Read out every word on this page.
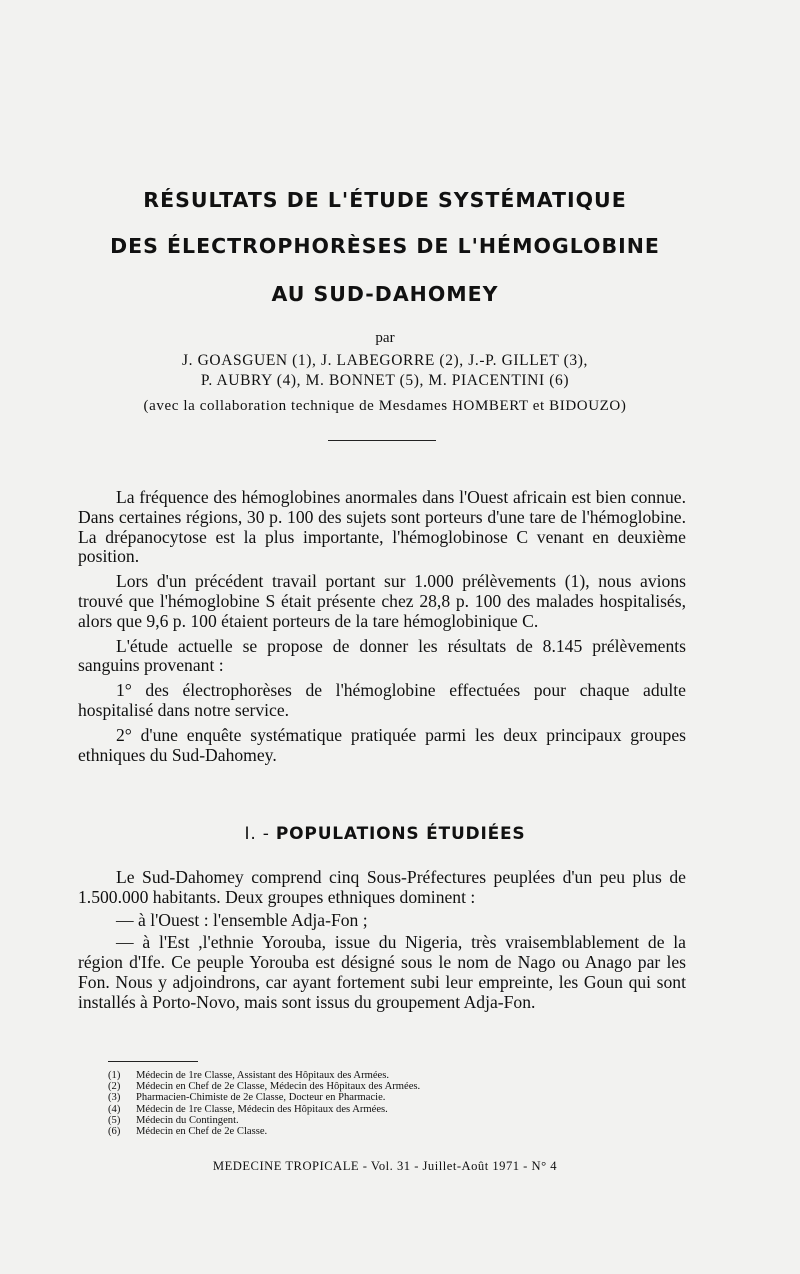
RÉSULTATS DE L'ÉTUDE SYSTÉMATIQUE
DES ÉLECTROPHORÈSES DE L'HÉMOGLOBINE
AU SUD-DAHOMEY
par
J. GOASGUEN (1), J. LABEGORRE (2), J.-P. GILLET (3),
P. AUBRY (4), M. BONNET (5), M. PIACENTINI (6)
(avec la collaboration technique de Mesdames HOMBERT et BIDOUZO)

La fréquence des hémoglobines anormales dans l'Ouest africain est bien connue. Dans certaines régions, 30 p. 100 des sujets sont porteurs d'une tare de l'hémoglobine. La drépanocytose est la plus importante, l'hémoglobinose C venant en deuxième position.

Lors d'un précédent travail portant sur 1.000 prélèvements (1), nous avions trouvé que l'hémoglobine S était présente chez 28,8 p. 100 des malades hospitalisés, alors que 9,6 p. 100 étaient porteurs de la tare hémoglobinique C.

L'étude actuelle se propose de donner les résultats de 8.145 prélèvements sanguins provenant :

1° des électrophorèses de l'hémoglobine effectuées pour chaque adulte hospitalisé dans notre service.

2° d'une enquête systématique pratiquée parmi les deux principaux groupes ethniques du Sud-Dahomey.

I. - POPULATIONS ÉTUDIÉES

Le Sud-Dahomey comprend cinq Sous-Préfectures peuplées d'un peu plus de 1.500.000 habitants. Deux groupes ethniques dominent :

— à l'Ouest : l'ensemble Adja-Fon ;

— à l'Est ,l'ethnie Yorouba, issue du Nigeria, très vraisemblablement de la région d'Ife. Ce peuple Yorouba est désigné sous le nom de Nago ou Anago par les Fon. Nous y adjoindrons, car ayant fortement subi leur empreinte, les Goun qui sont installés à Porto-Novo, mais sont issus du groupement Adja-Fon.

(1) Médecin de 1re Classe, Assistant des Hôpitaux des Armées.
(2) Médecin en Chef de 2e Classe, Médecin des Hôpitaux des Armées.
(3) Pharmacien-Chimiste de 2e Classe, Docteur en Pharmacie.
(4) Médecin de 1re Classe, Médecin des Hôpitaux des Armées.
(5) Médecin du Contingent.
(6) Médecin en Chef de 2e Classe.
MEDECINE TROPICALE - Vol. 31 - Juillet-Août 1971 - N° 4
